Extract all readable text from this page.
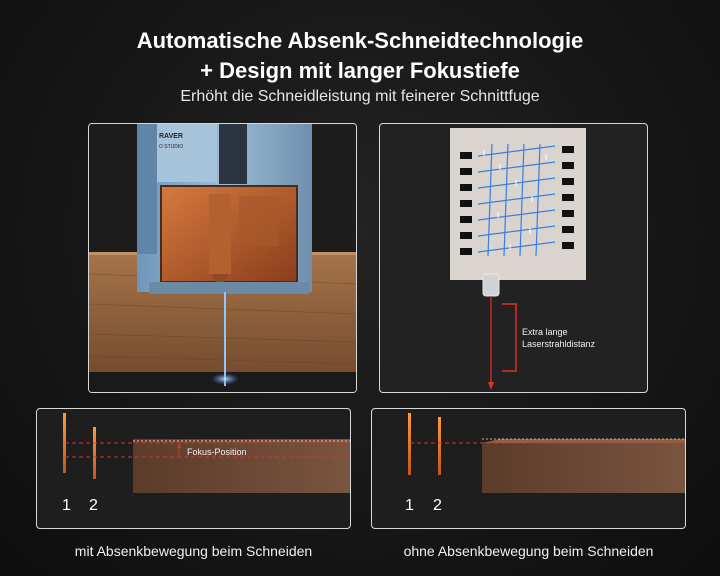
Automatische Absenk-Schneidtechnologie
+ Design mit langer Fokustiefe
Erhöht die Schneidleistung mit feinerer Schnittfuge
RAVER
O STUDIO
Extra lange
Laserstrahldistanz
Fokus-Position
1 2	1 2
mit Absenkbewegung beim Schneiden	ohne Absenkbewegung beim Schneiden
